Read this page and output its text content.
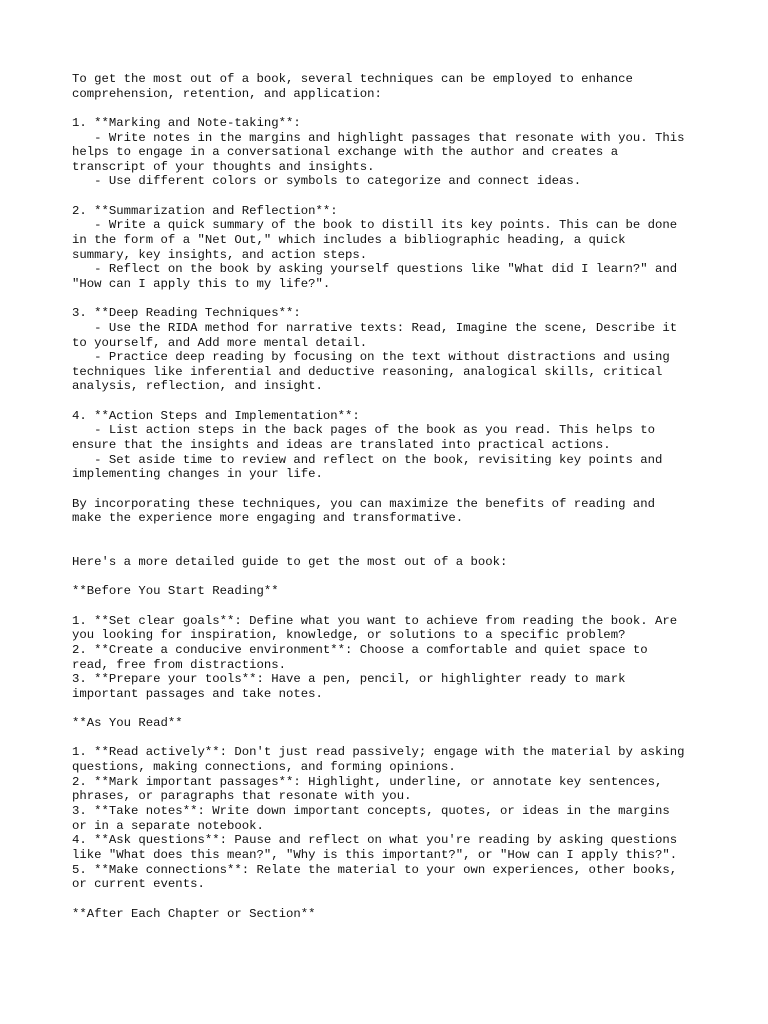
To get the most out of a book, several techniques can be employed to enhance
comprehension, retention, and application:

1. **Marking and Note-taking**:
- Write notes in the margins and highlight passages that resonate with you. This
helps to engage in a conversational exchange with the author and creates a
transcript of your thoughts and insights.
- Use different colors or symbols to categorize and connect ideas.

2. **Summarization and Reflection**:
- Write a quick summary of the book to distill its key points. This can be done
in the form of a "Net Out," which includes a bibliographic heading, a quick
summary, key insights, and action steps.
- Reflect on the book by asking yourself questions like "What did I learn?" and
"How can I apply this to my life?".

3. **Deep Reading Techniques**:
- Use the RIDA method for narrative texts: Read, Imagine the scene, Describe it
to yourself, and Add more mental detail.
- Practice deep reading by focusing on the text without distractions and using
techniques like inferential and deductive reasoning, analogical skills, critical
analysis, reflection, and insight.

4. **Action Steps and Implementation**:
- List action steps in the back pages of the book as you read. This helps to
ensure that the insights and ideas are translated into practical actions.
- Set aside time to review and reflect on the book, revisiting key points and
implementing changes in your life.

By incorporating these techniques, you can maximize the benefits of reading and
make the experience more engaging and transformative.

Here's a more detailed guide to get the most out of a book:

**Before You Start Reading**

1. **Set clear goals**: Define what you want to achieve from reading the book. Are
you looking for inspiration, knowledge, or solutions to a specific problem?
2. **Create a conducive environment**: Choose a comfortable and quiet space to
read, free from distractions.
3. **Prepare your tools**: Have a pen, pencil, or highlighter ready to mark
important passages and take notes.

**As You Read**

1. **Read actively**: Don't just read passively; engage with the material by asking
questions, making connections, and forming opinions.
2. **Mark important passages**: Highlight, underline, or annotate key sentences,
phrases, or paragraphs that resonate with you.
3. **Take notes**: Write down important concepts, quotes, or ideas in the margins
or in a separate notebook.
4. **Ask questions**: Pause and reflect on what you're reading by asking questions
like "What does this mean?", "Why is this important?", or "How can I apply this?".
5. **Make connections**: Relate the material to your own experiences, other books,
or current events.

**After Each Chapter or Section**
